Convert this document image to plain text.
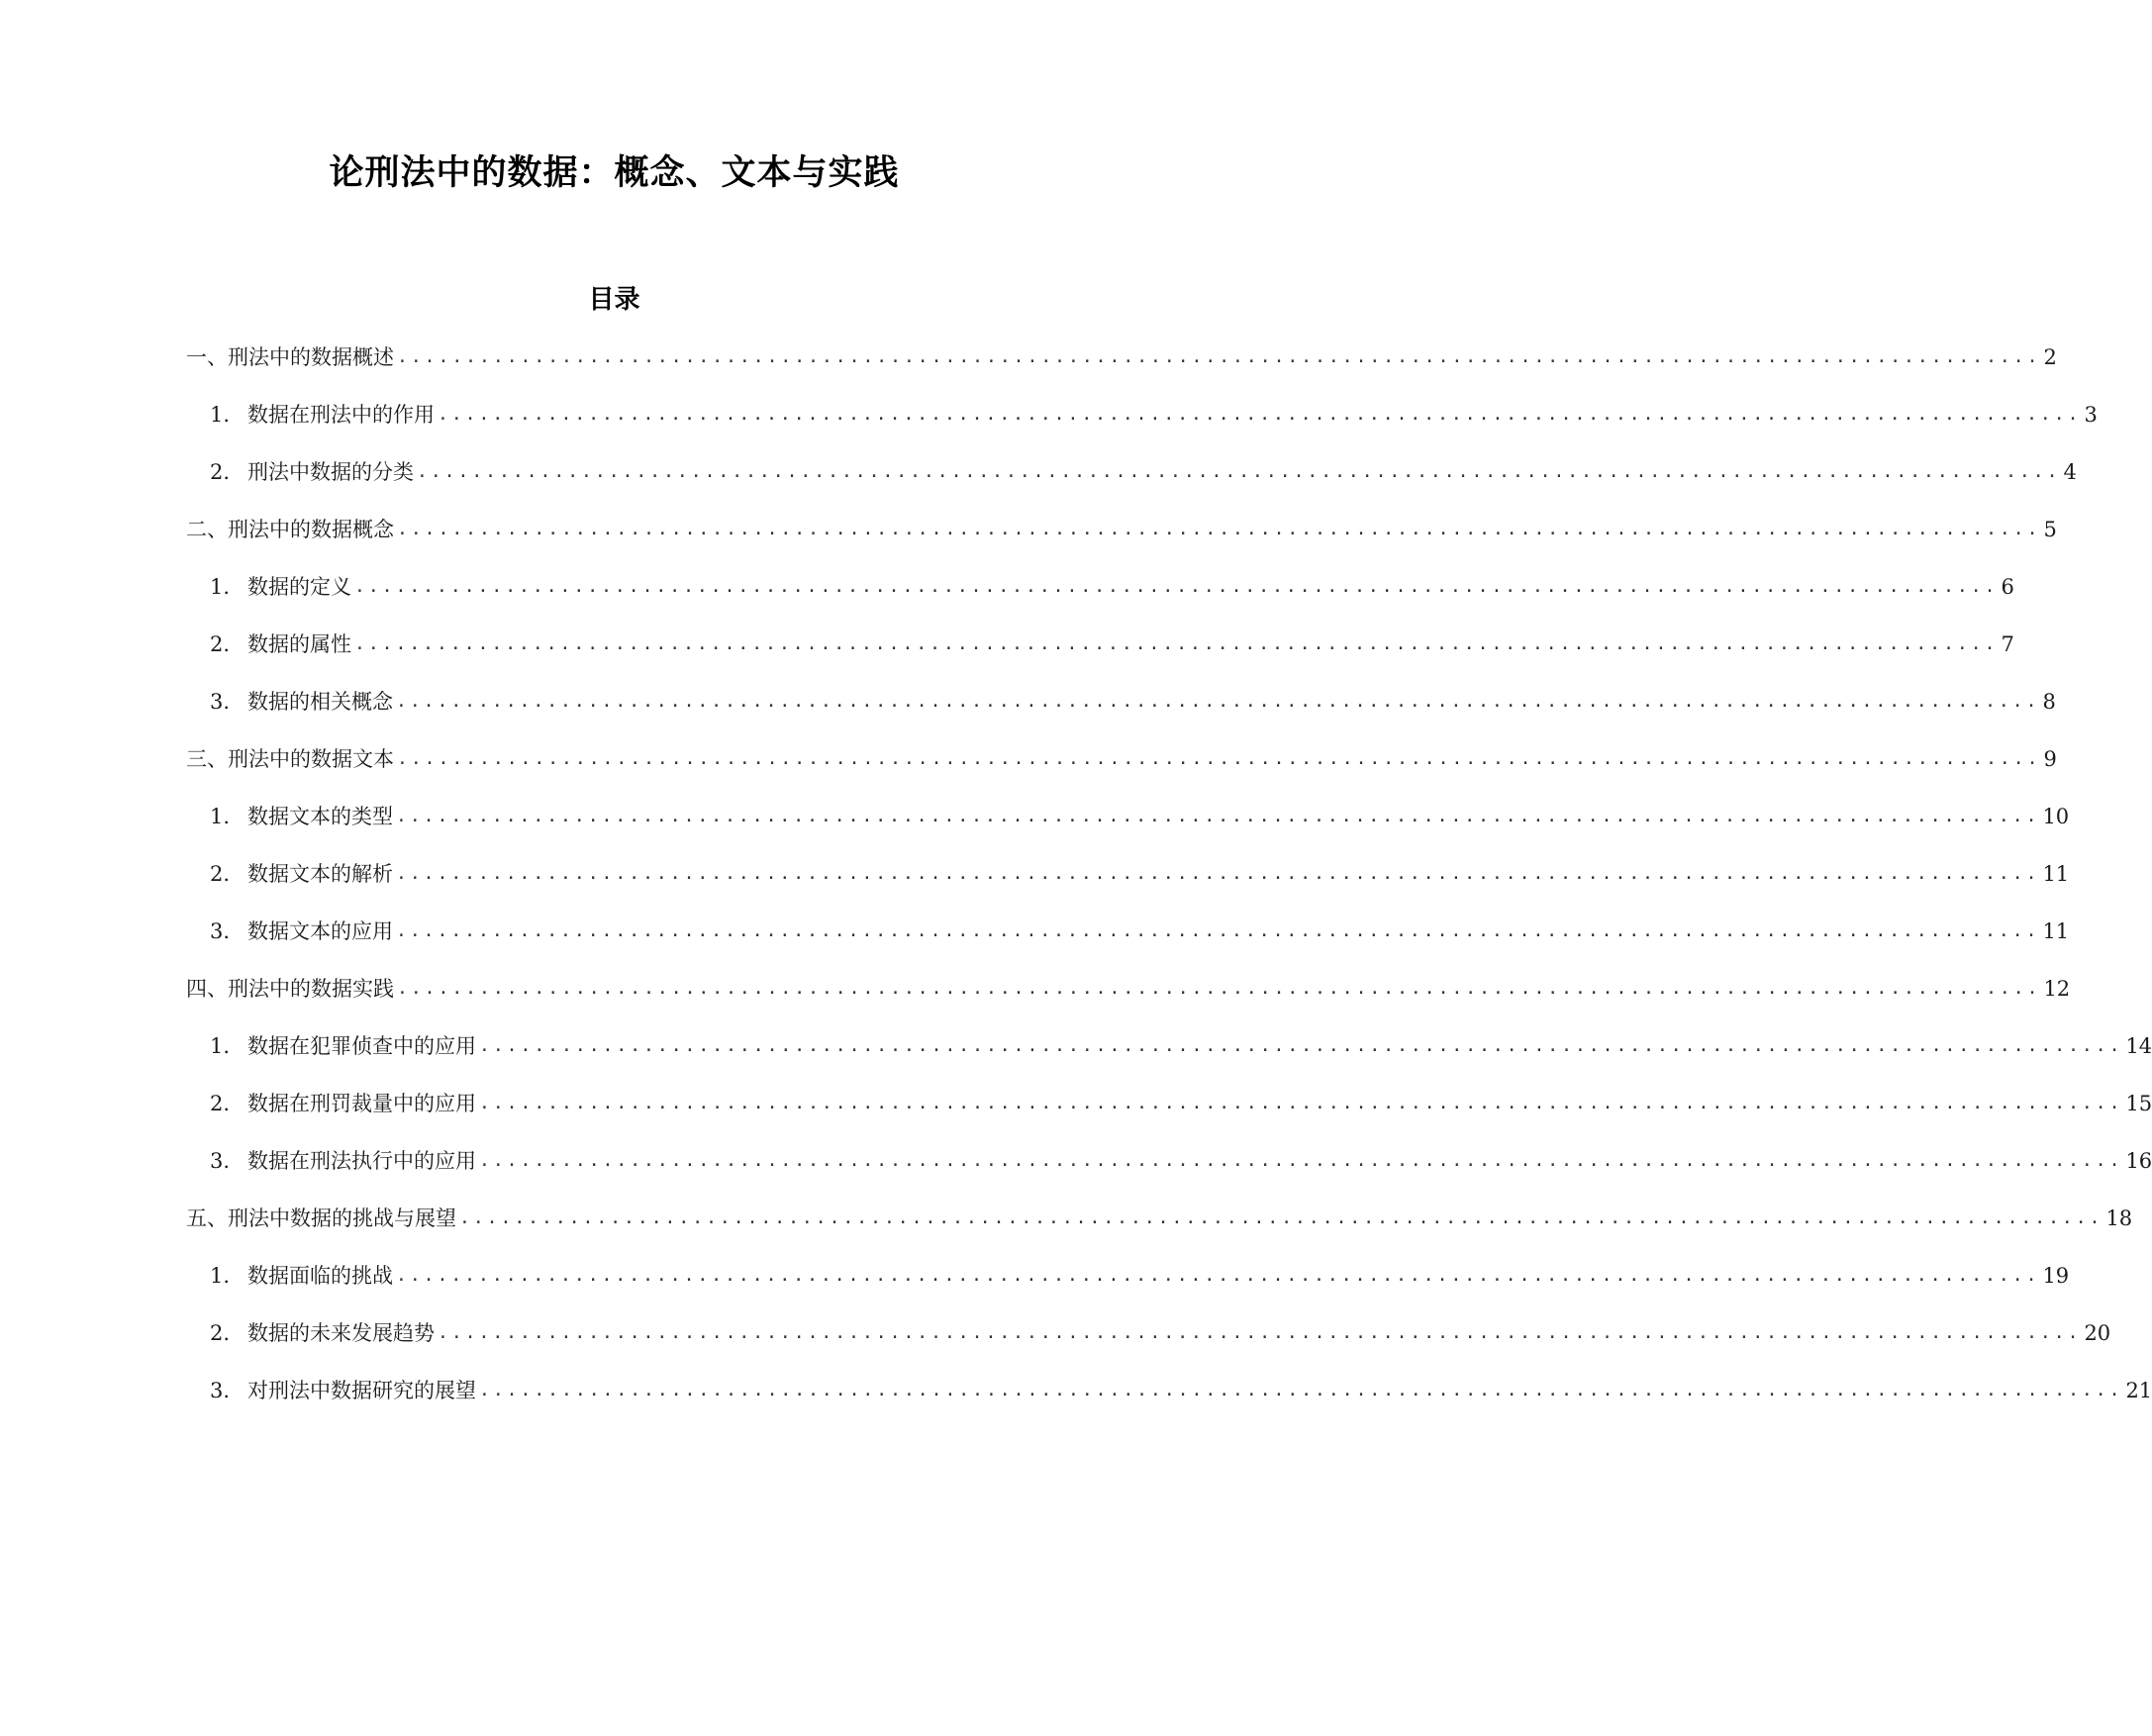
论刑法中的数据：概念、文本与实践
目录
一、刑法中的数据概述 ........................................................................................................................ 2
1. 数据在刑法中的作用 ........................................................................................................................ 3
2. 刑法中数据的分类 ........................................................................................................................ 4
二、刑法中的数据概念 ........................................................................................................................ 5
1. 数据的定义 ........................................................................................................................ 6
2. 数据的属性 ........................................................................................................................ 7
3. 数据的相关概念 ........................................................................................................................ 8
三、刑法中的数据文本 ........................................................................................................................ 9
1. 数据文本的类型 ........................................................................................................................ 10
2. 数据文本的解析 ........................................................................................................................ 11
3. 数据文本的应用 ........................................................................................................................ 11
四、刑法中的数据实践 ........................................................................................................................ 12
1. 数据在犯罪侦查中的应用 ........................................................................................................................ 14
2. 数据在刑罚裁量中的应用 ........................................................................................................................ 15
3. 数据在刑法执行中的应用 ........................................................................................................................ 16
五、刑法中数据的挑战与展望 ........................................................................................................................ 18
1. 数据面临的挑战 ........................................................................................................................ 19
2. 数据的未来发展趋势 ........................................................................................................................ 20
3. 对刑法中数据研究的展望 ........................................................................................................................ 21
